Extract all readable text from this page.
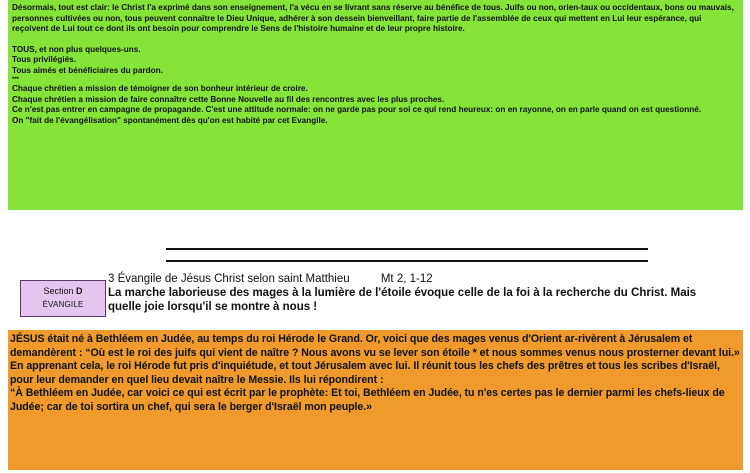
Désormais, tout est clair: le Christ l'a exprimé dans son enseignement, l'a vécu en se livrant sans réserve au bénéfice de tous. Juifs ou non, orien-taux ou occidentaux, bons ou mauvais, personnes cultivées ou non, tous peuvent connaître le Dieu Unique, adhérer à son dessein bienveillant, faire partie de l'assemblée de ceux qui mettent en Lui leur espérance, qui reçoivent de Lui tout ce dont ils ont besoin pour comprendre le Sens de l'histoire humaine et de leur propre histoire.

TOUS, et non plus quelques-uns.

Tous privilégiés.

Tous aimés et bénéficiaires du pardon.

***

Chaque chrétien a mission de témoigner de son bonheur intérieur de croire.

Chaque chrétien a mission de faire connaître cette Bonne Nouvelle au fil des rencontres avec les plus proches.

Ce n'est pas entrer en campagne de propagande. C'est une attitude normale: on ne garde pas pour soi ce qui rend heureux: on en rayonne, on en parle quand on est questionné.

On "fait de l'évangélisation" spontanément dès qu'on est habité par cet Evangile.

Section D
ÉVANGILE
3 Évangile de Jésus Christ selon saint Matthieu	Mt 2, 1-12
La marche laborieuse des mages à la lumière de l'étoile évoque celle de la foi à la recherche du Christ. Mais quelle joie lorsqu'il se montre à nous !

JÉSUS était né à Bethléem en Judée, au temps du roi Hérode le Grand. Or, voici que des mages venus d'Orient ar-rivèrent à Jérusalem et demandèrent : “Où est le roi des juifs qui vient de naître ? Nous avons vu se lever son étoile * et nous sommes venus nous prosterner devant lui.»

En apprenant cela, le roi Hérode fut pris d'inquiétude, et tout Jérusalem avec lui. Il réunit tous les chefs des prêtres et tous les scribes d'Israël, pour leur demander en quel lieu devait naître le Messie. Ils lui répondirent :

“À Bethléem en Judée, car voici ce qui est écrit par le prophète: Et toi, Bethléem en Judée, tu n'es certes pas le dernier parmi les chefs-lieux de Judée; car de toi sortira un chef, qui sera le berger d'Israël mon peuple.»
